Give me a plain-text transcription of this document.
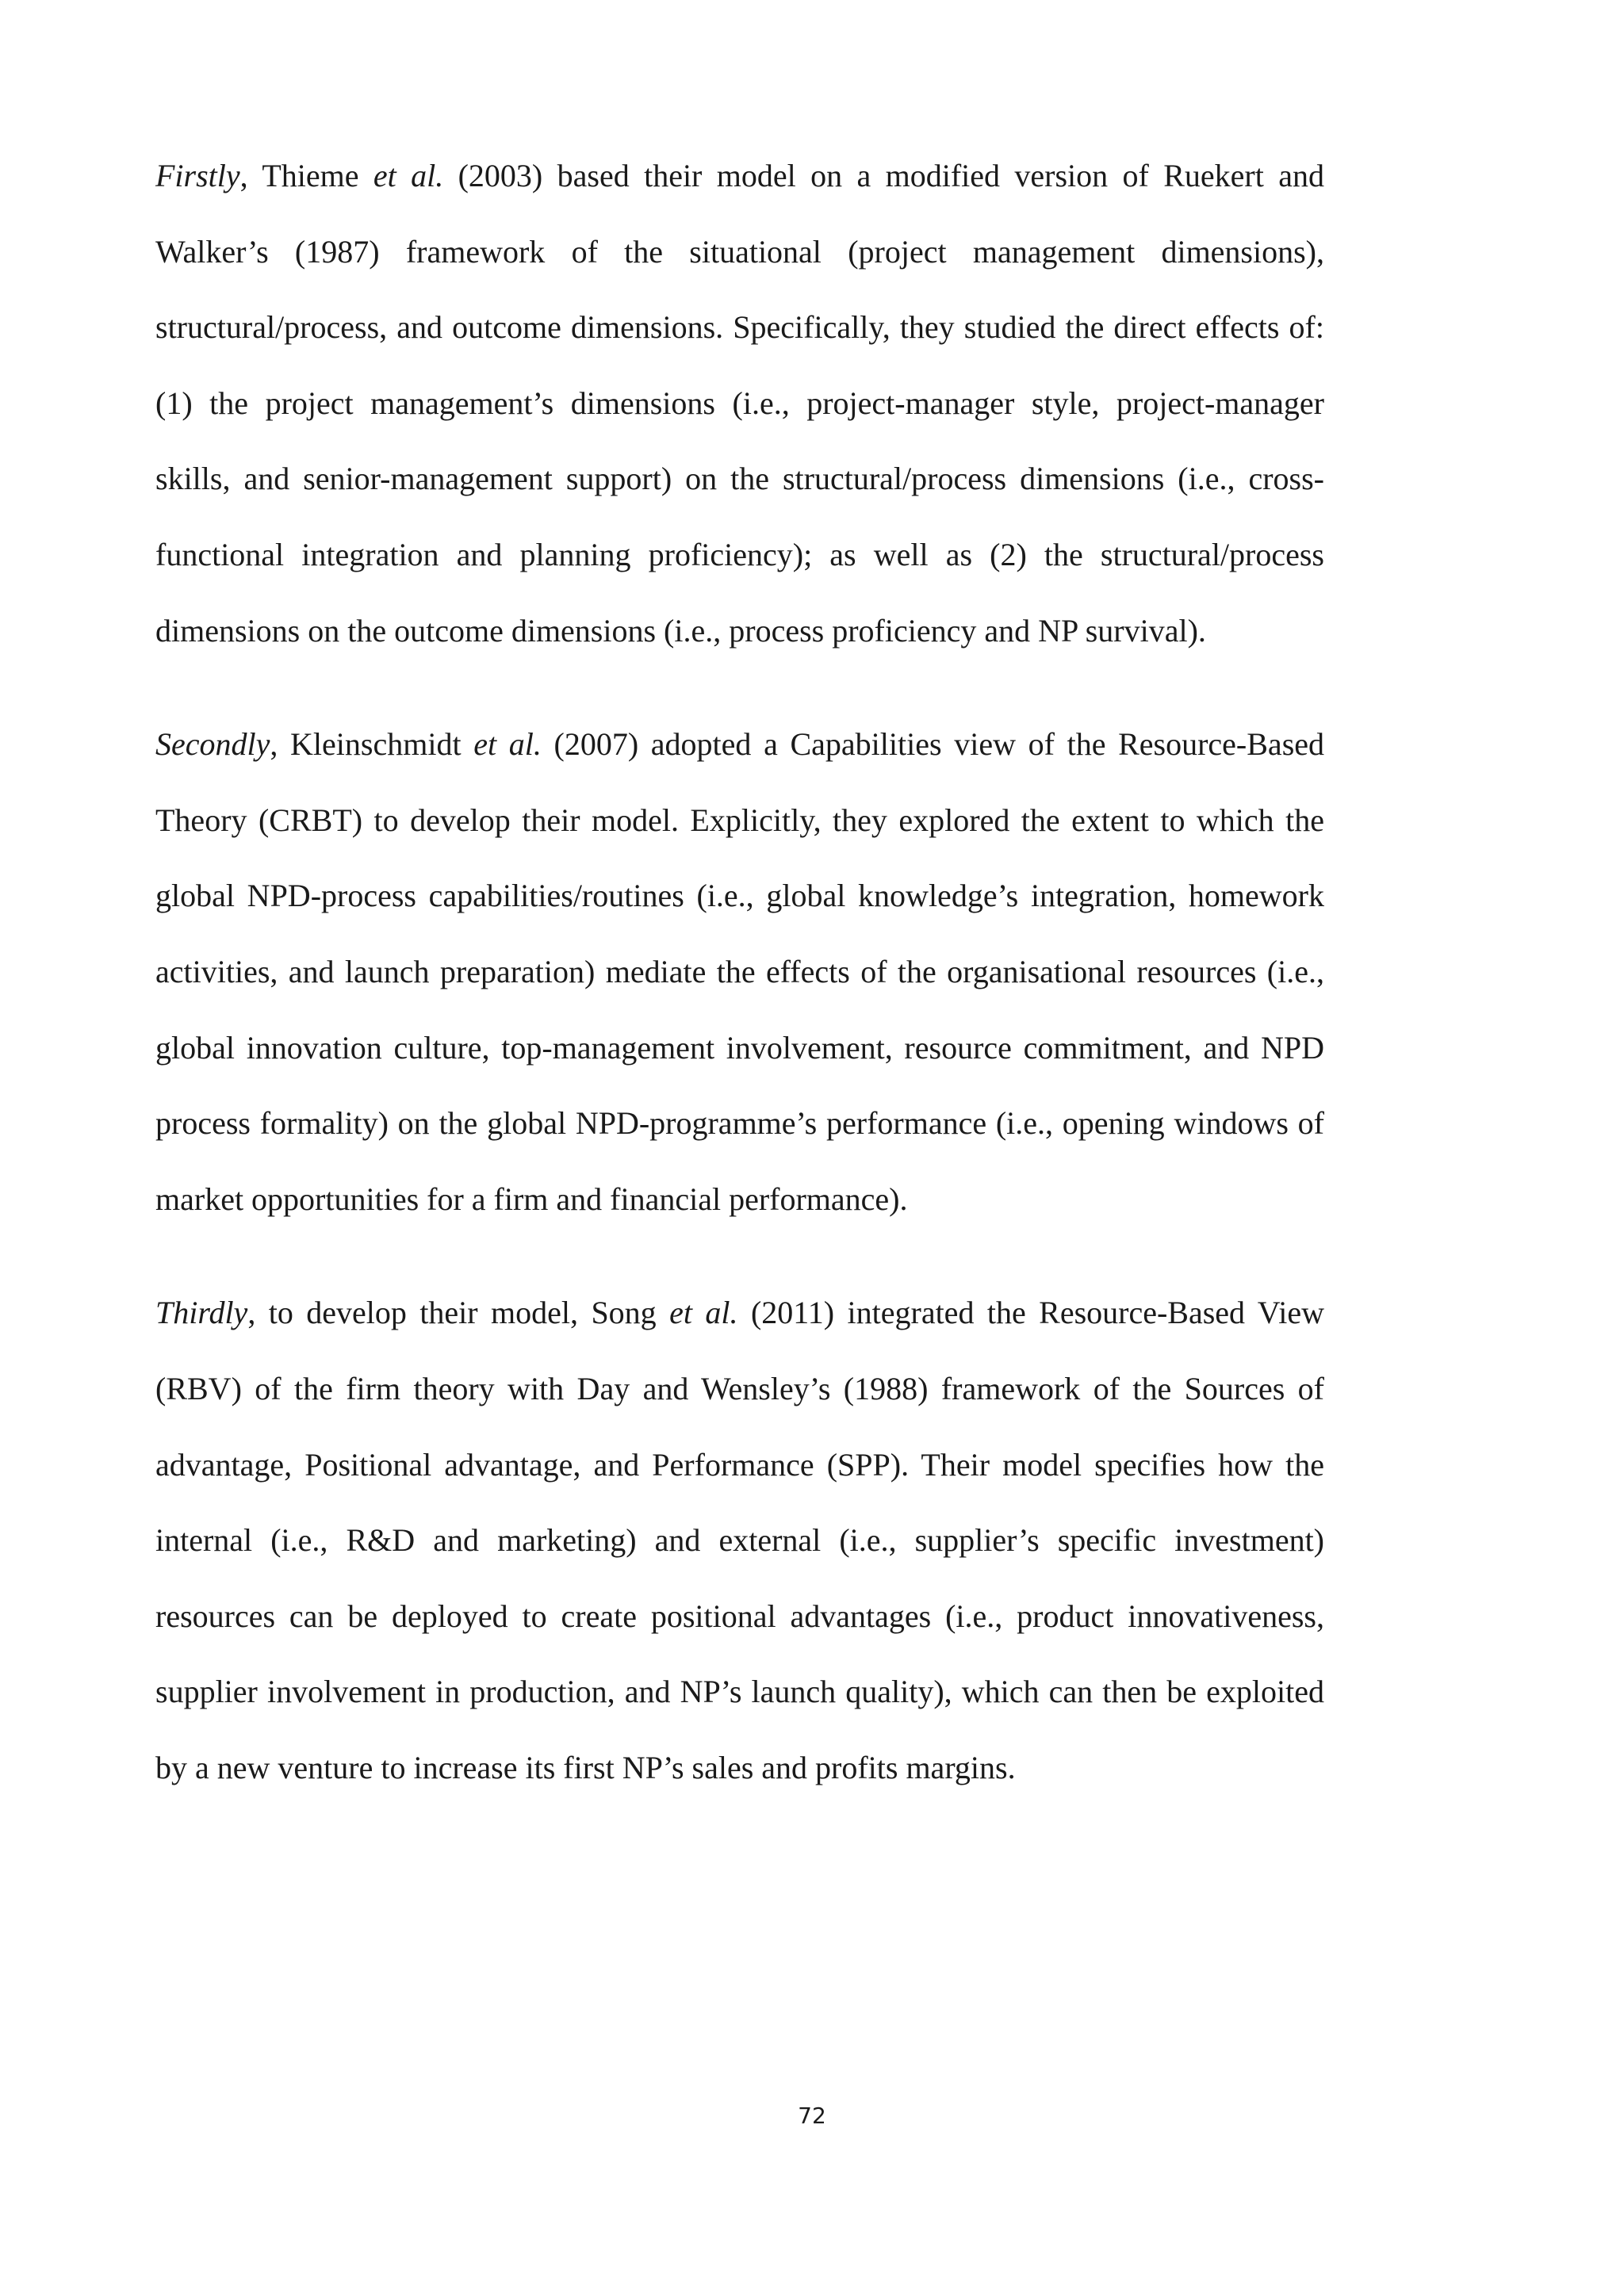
Firstly, Thieme et al. (2003) based their model on a modified version of Ruekert and Walker’s (1987) framework of the situational (project management dimensions), structural/process, and outcome dimensions. Specifically, they studied the direct effects of: (1) the project management’s dimensions (i.e., project-manager style, project-manager skills, and senior-management support) on the structural/process dimensions (i.e., cross-functional integration and planning proficiency); as well as (2) the structural/process dimensions on the outcome dimensions (i.e., process proficiency and NP survival).

Secondly, Kleinschmidt et al. (2007) adopted a Capabilities view of the Resource-Based Theory (CRBT) to develop their model. Explicitly, they explored the extent to which the global NPD-process capabilities/routines (i.e., global knowledge’s integration, homework activities, and launch preparation) mediate the effects of the organisational resources (i.e., global innovation culture, top-management involvement, resource commitment, and NPD process formality) on the global NPD-programme’s performance (i.e., opening windows of market opportunities for a firm and financial performance).

Thirdly, to develop their model, Song et al. (2011) integrated the Resource-Based View (RBV) of the firm theory with Day and Wensley’s (1988) framework of the Sources of advantage, Positional advantage, and Performance (SPP). Their model specifies how the internal (i.e., R&D and marketing) and external (i.e., supplier’s specific investment) resources can be deployed to create positional advantages (i.e., product innovativeness, supplier involvement in production, and NP’s launch quality), which can then be exploited by a new venture to increase its first NP’s sales and profits margins.

72
